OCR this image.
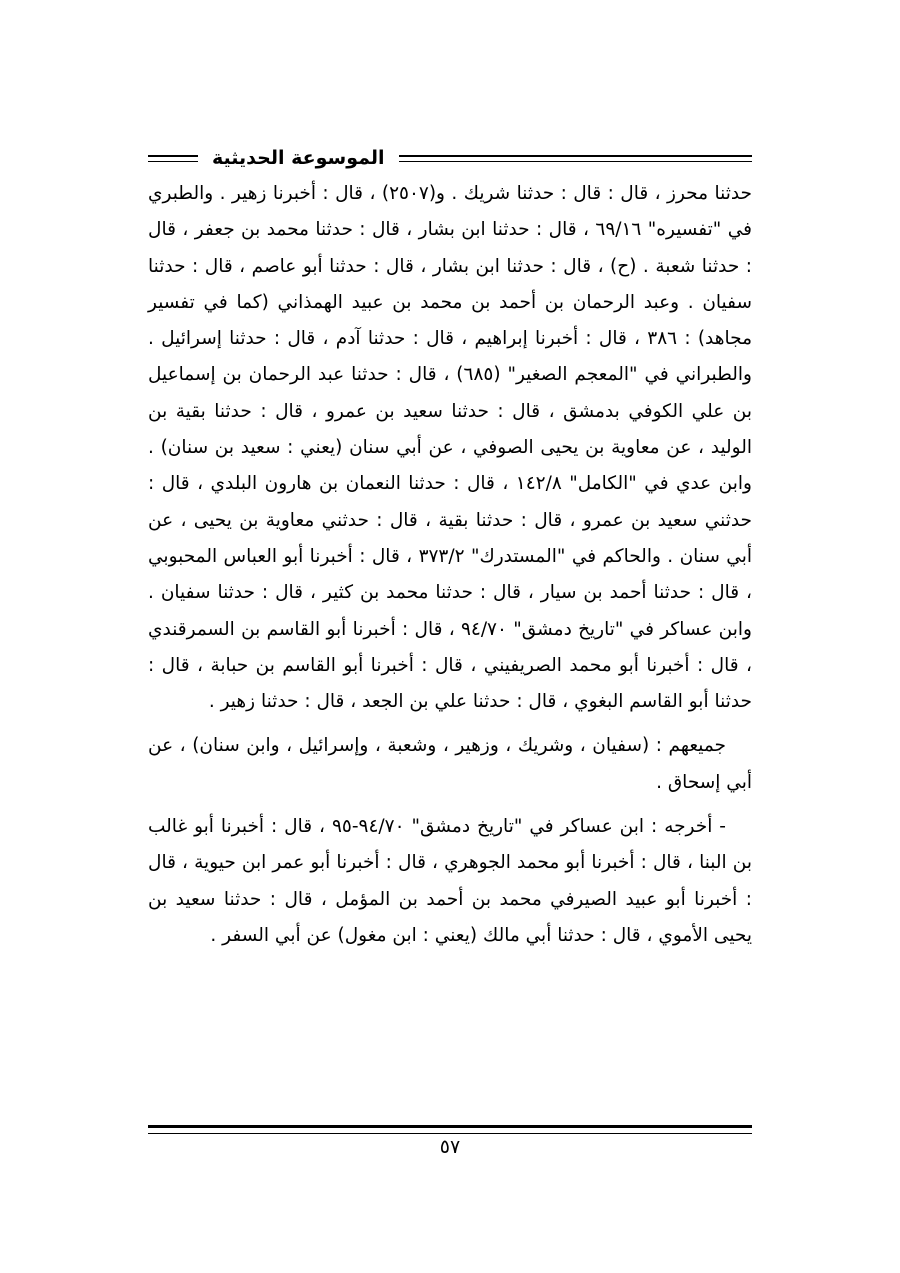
الموسوعة الحديثية

حدثنا محرز ، قال : قال : حدثنا شريك . و(٢٥٠٧) ، قال : أخبرنا زهير . والطبري في "تفسيره" ٦٩/١٦ ، قال : حدثنا ابن بشار ، قال : حدثنا محمد بن جعفر ، قال : حدثنا شعبة . (ح) ، قال : حدثنا ابن بشار ، قال : حدثنا أبو عاصم ، قال : حدثنا سفيان . وعبد الرحمان بن أحمد بن محمد بن عبيد الهمذاني (كما في تفسير مجاهد) : ٣٨٦ ، قال : أخبرنا إبراهيم ، قال : حدثنا آدم ، قال : حدثنا إسرائيل . والطبراني في "المعجم الصغير" (٦٨٥) ، قال : حدثنا عبد الرحمان بن إسماعيل بن علي الكوفي بدمشق ، قال : حدثنا سعيد بن عمرو ، قال : حدثنا بقية بن الوليد ، عن معاوية بن يحيى الصوفي ، عن أبي سنان (يعني : سعيد بن سنان) . وابن عدي في "الكامل" ١٤٢/٨ ، قال : حدثنا النعمان بن هارون البلدي ، قال : حدثني سعيد بن عمرو ، قال : حدثنا بقية ، قال : حدثني معاوية بن يحيى ، عن أبي سنان . والحاكم في "المستدرك" ٣٧٣/٢ ، قال : أخبرنا أبو العباس المحبوبي ، قال : حدثنا أحمد بن سيار ، قال : حدثنا محمد بن كثير ، قال : حدثنا سفيان . وابن عساكر في "تاريخ دمشق" ٩٤/٧٠ ، قال : أخبرنا أبو القاسم بن السمرقندي ، قال : أخبرنا أبو محمد الصريفيني ، قال : أخبرنا أبو القاسم بن حبابة ، قال : حدثنا أبو القاسم البغوي ، قال : حدثنا علي بن الجعد ، قال : حدثنا زهير .

جميعهم : (سفيان ، وشريك ، وزهير ، وشعبة ، وإسرائيل ، وابن سنان) ، عن أبي إسحاق .

- أخرجه : ابن عساكر في "تاريخ دمشق" ٩٤/٧٠-٩٥ ، قال : أخبرنا أبو غالب بن البنا ، قال : أخبرنا أبو محمد الجوهري ، قال : أخبرنا أبو عمر ابن حيوية ، قال : أخبرنا أبو عبيد الصيرفي محمد بن أحمد بن المؤمل ، قال : حدثنا سعيد بن يحيى الأموي ، قال : حدثنا أبي مالك (يعني : ابن مغول) عن أبي السفر .

٥٧
